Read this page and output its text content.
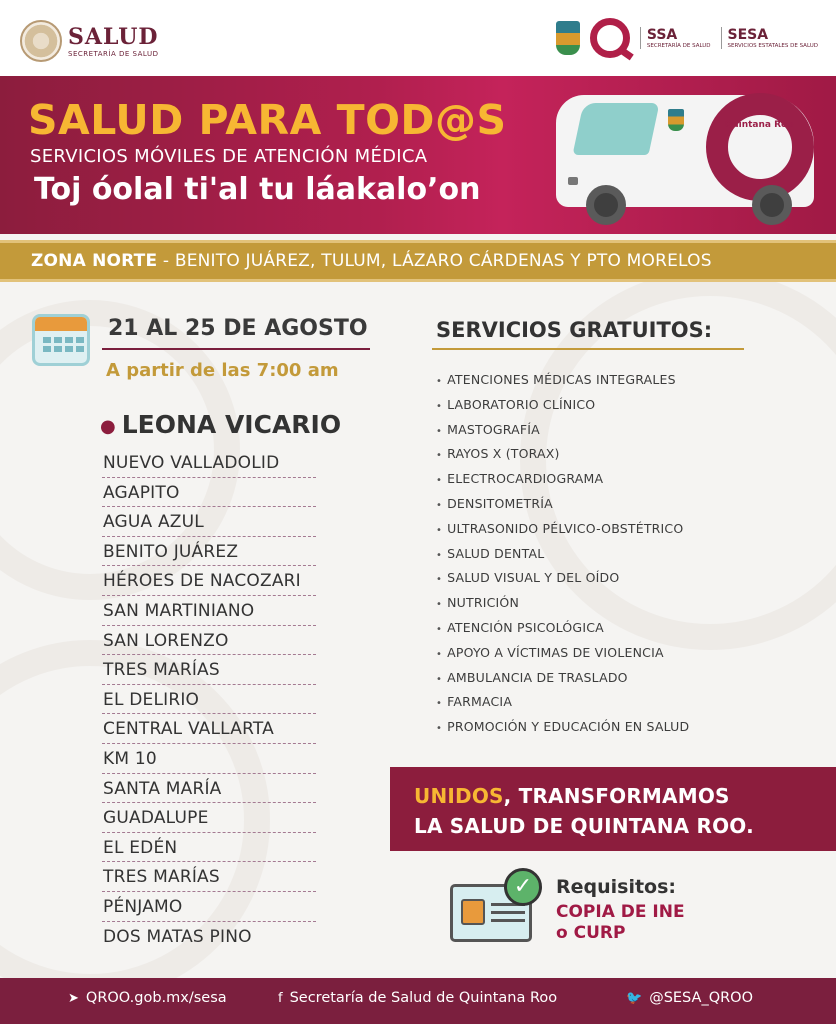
SALUD
SECRETARÍA DE SALUD
SSA
SECRETARÍA DE SALUD
SESA
SERVICIOS ESTATALES DE SALUD
SALUD PARA TOD@S
SERVICIOS MÓVILES DE ATENCIÓN MÉDICA
Toj óolal ti'al tu láakalo’on
Quintana Roo
ZONA NORTE - BENITO JUÁREZ, TULUM, LÁZARO CÁRDENAS Y PTO MORELOS
21 AL 25 DE AGOSTO
A partir de las 7:00 am
● LEONA VICARIO
NUEVO VALLADOLID
AGAPITO
AGUA AZUL
BENITO JUÁREZ
HÉROES DE NACOZARI
SAN MARTINIANO
SAN LORENZO
TRES MARÍAS
EL DELIRIO
CENTRAL VALLARTA
KM 10
SANTA MARÍA
GUADALUPE
EL EDÉN
TRES MARÍAS
PÉNJAMO
DOS MATAS PINO
SERVICIOS GRATUITOS:
• ATENCIONES MÉDICAS INTEGRALES
• LABORATORIO CLÍNICO
• MASTOGRAFÍA
• RAYOS X (TORAX)
• ELECTROCARDIOGRAMA
• DENSITOMETRÍA
• ULTRASONIDO PÉLVICO-OBSTÉTRICO
• SALUD DENTAL
• SALUD VISUAL Y DEL OÍDO
• NUTRICIÓN
• ATENCIÓN PSICOLÓGICA
• APOYO A VÍCTIMAS DE VIOLENCIA
• AMBULANCIA DE TRASLADO
• FARMACIA
• PROMOCIÓN Y EDUCACIÓN EN SALUD
UNIDOS, TRANSFORMAMOS
LA SALUD DE QUINTANA ROO.
✓	Requisitos:
COPIA DE INE
o CURP
➤ QROO.gob.mx/sesa	f Secretaría de Salud de Quintana Roo	🐦 @SESA_QROO
